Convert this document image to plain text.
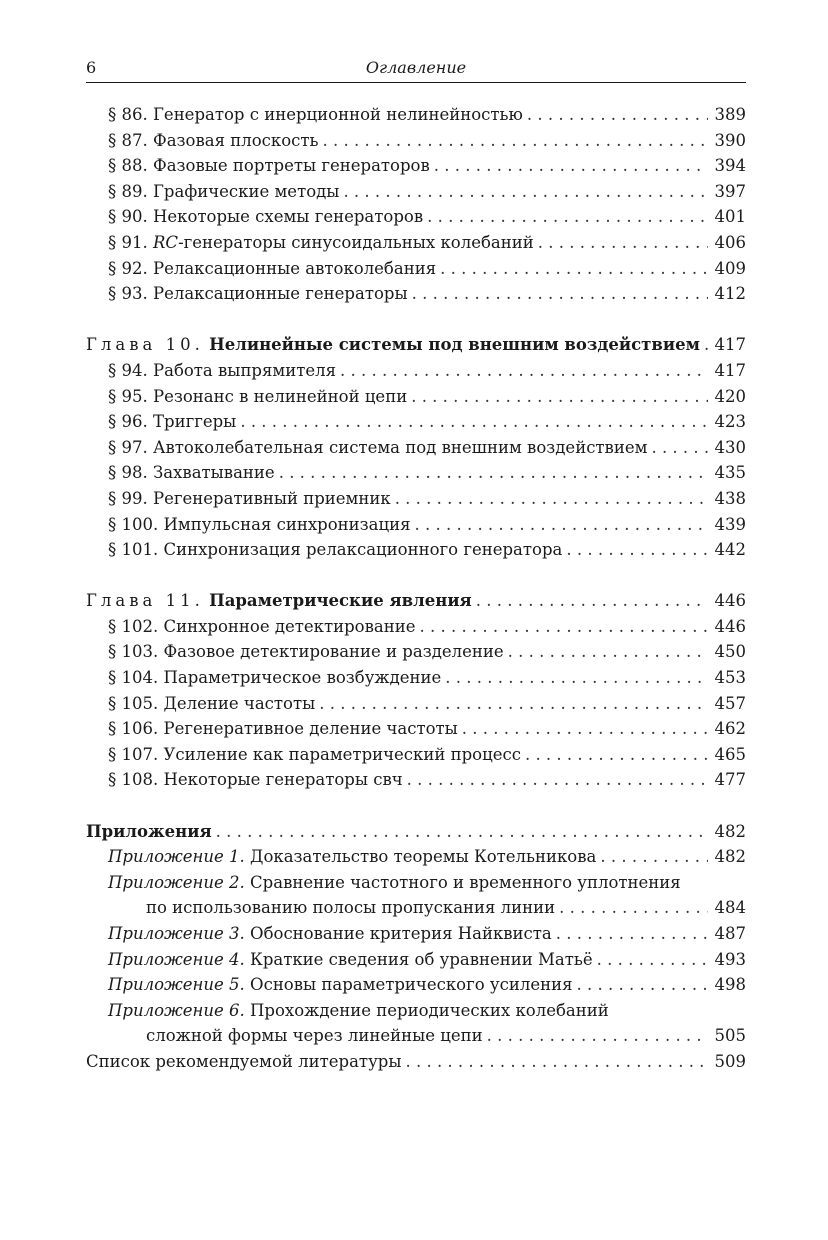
6	Оглавление
§ 86. Генератор с инерционной нелинейностью . . .	389
§ 87. Фазовая плоскость . . .	390
§ 88. Фазовые портреты генераторов . . .	394
§ 89. Графические методы . . .	397
§ 90. Некоторые схемы генераторов . . .	401
§ 91. RC-генераторы синусоидальных колебаний . . .	406
§ 92. Релаксационные автоколебания . . .	409
§ 93. Релаксационные генераторы . . .	412
Глава 10. Нелинейные системы под внешним воздействием . . . 417
§ 94. Работа выпрямителя . . .	417
§ 95. Резонанс в нелинейной цепи . . .	420
§ 96. Триггеры . . .	423
§ 97. Автоколебательная система под внешним воздействием . . .	430
§ 98. Захватывание . . .	435
§ 99. Регенеративный приемник . . .	438
§ 100. Импульсная синхронизация . . .	439
§ 101. Синхронизация релаксационного генератора . . .	442
Глава 11. Параметрические явления . . .	446
§ 102. Синхронное детектирование . . .	446
§ 103. Фазовое детектирование и разделение . . .	450
§ 104. Параметрическое возбуждение . . .	453
§ 105. Деление частоты . . .	457
§ 106. Регенеративное деление частоты . . .	462
§ 107. Усиление как параметрический процесс . . .	465
§ 108. Некоторые генераторы свч . . .	477
Приложения . . .	482
Приложение 1. Доказательство теоремы Котельникова . . .	482
Приложение 2. Сравнение частотного и временного уплотнения
по использованию полосы пропускания линии . . .	484
Приложение 3. Обоснование критерия Найквиста . . .	487
Приложение 4. Краткие сведения об уравнении Матьё . . .	493
Приложение 5. Основы параметрического усиления . . .	498
Приложение 6. Прохождение периодических колебаний
сложной формы через линейные цепи . . .	505
Список рекомендуемой литературы . . .	509
